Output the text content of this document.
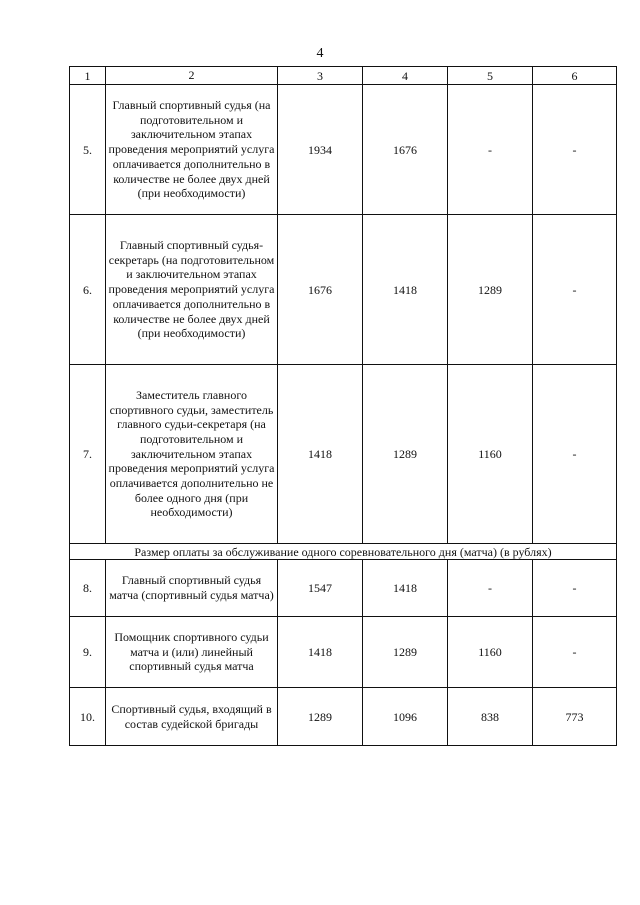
4
1	2	3	4	5	6
5.	Главный спортивный судья (на подготовительном и заключительном этапах проведения мероприятий услуга оплачивается дополнительно в количестве не более двух дней (при необходимости)	1934	1676	-	-
6.	Главный спортивный судья-секретарь (на подготовительном и заключительном этапах проведения мероприятий услуга оплачивается дополнительно в количестве не более двух дней (при необходимости)	1676	1418	1289	-
7.	Заместитель главного спортивного судьи, заместитель главного судьи-секретаря (на подготовительном и заключительном этапах проведения мероприятий услуга оплачивается дополнительно не более одного дня (при необходимости)	1418	1289	1160	-
Размер оплаты за обслуживание одного соревновательного дня (матча) (в рублях)					
8.	Главный спортивный судья матча (спортивный судья матча)	1547	1418	-	-
9.	Помощник спортивного судьи матча и (или) линейный спортивный судья матча	1418	1289	1160	-
10.	Спортивный судья, входящий в состав судейской бригады	1289	1096	838	773
